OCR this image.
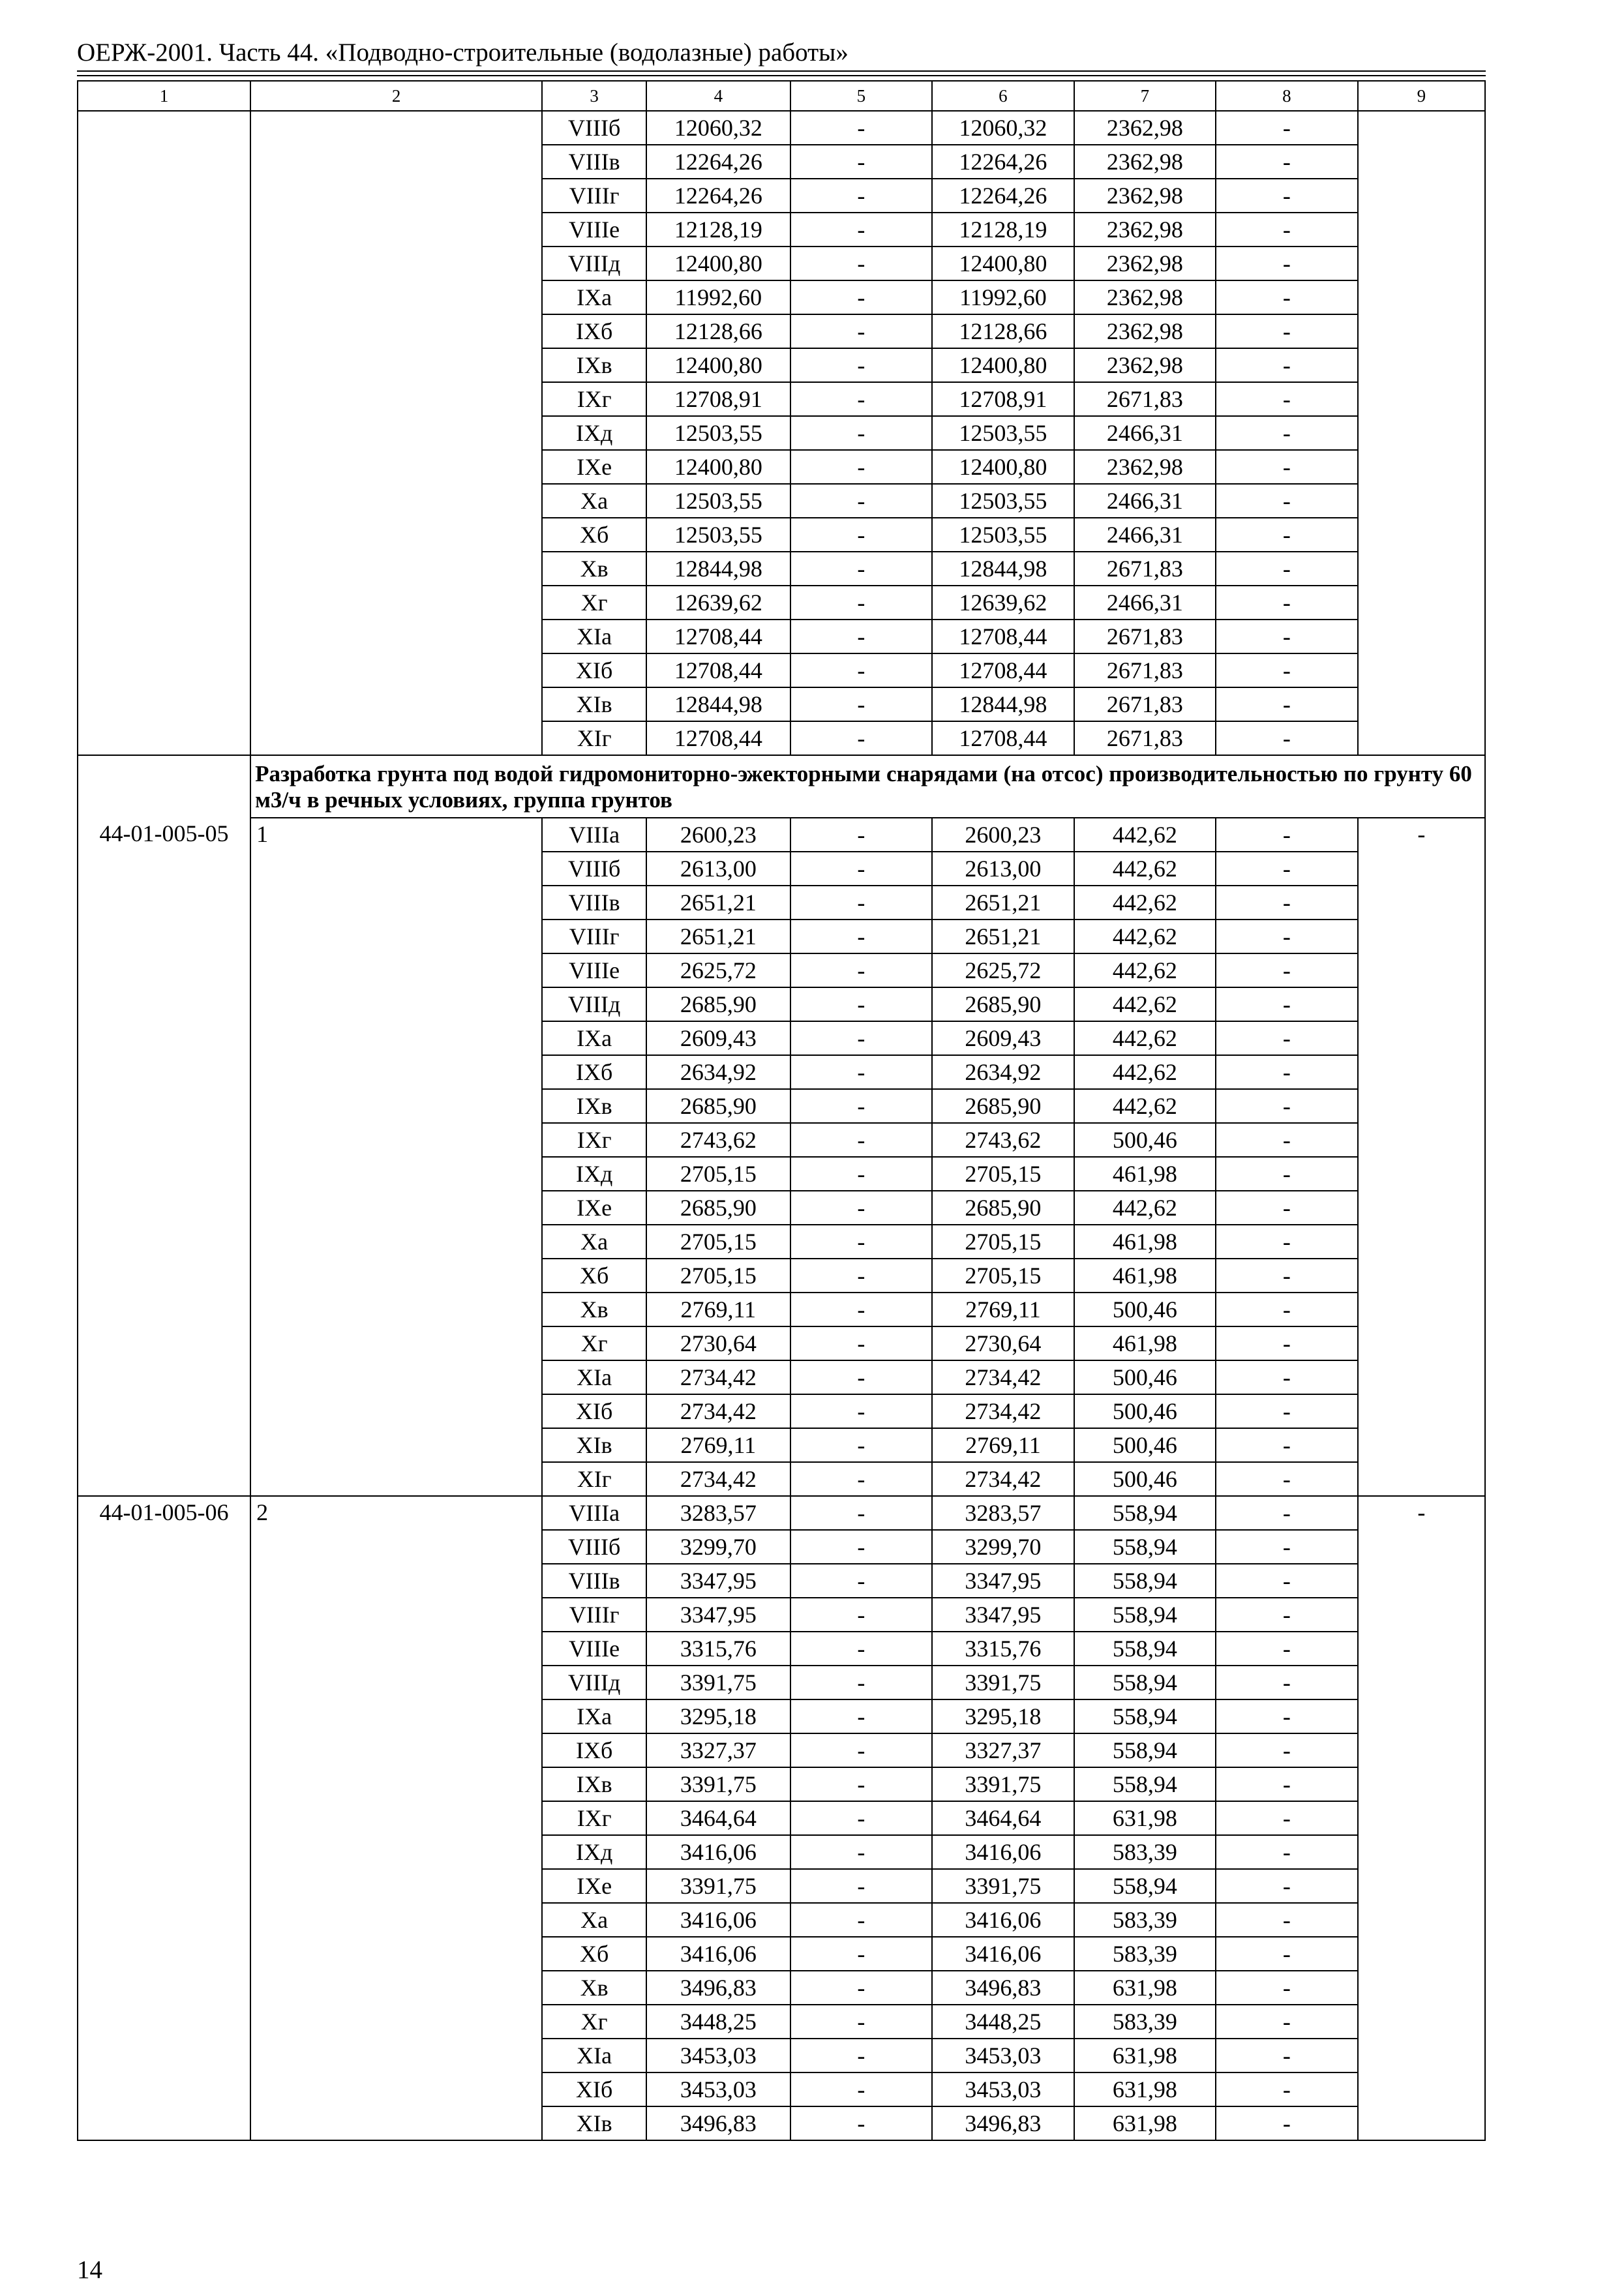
ОЕРЖ-2001. Часть 44. «Подводно-строительные (водолазные) работы»
1	2	3	4	5	6	7	8	9
		VIIIб	12060,32	-	12060,32	2362,98	-	
		VIIIв	12264,26	-	12264,26	2362,98	-	
		VIIIг	12264,26	-	12264,26	2362,98	-	
		VIIIе	12128,19	-	12128,19	2362,98	-	
		VIIIд	12400,80	-	12400,80	2362,98	-	
		IXа	11992,60	-	11992,60	2362,98	-	
		IXб	12128,66	-	12128,66	2362,98	-	
		IXв	12400,80	-	12400,80	2362,98	-	
		IXг	12708,91	-	12708,91	2671,83	-	
		IXд	12503,55	-	12503,55	2466,31	-	
		IXе	12400,80	-	12400,80	2362,98	-	
		Xа	12503,55	-	12503,55	2466,31	-	
		Xб	12503,55	-	12503,55	2466,31	-	
		Xв	12844,98	-	12844,98	2671,83	-	
		Xг	12639,62	-	12639,62	2466,31	-	
		XIа	12708,44	-	12708,44	2671,83	-	
		XIб	12708,44	-	12708,44	2671,83	-	
		XIв	12844,98	-	12844,98	2671,83	-	
		XIг	12708,44	-	12708,44	2671,83	-	
	Разработка грунта под водой гидромониторно-эжекторными снарядами (на отсос) производительностью по грунту 60 м3/ч в речных условиях, группа грунтов							
44-01-005-05	1	VIIIа	2600,23	-	2600,23	442,62	-	-
		VIIIб	2613,00	-	2613,00	442,62	-	
		VIIIв	2651,21	-	2651,21	442,62	-	
		VIIIг	2651,21	-	2651,21	442,62	-	
		VIIIе	2625,72	-	2625,72	442,62	-	
		VIIIд	2685,90	-	2685,90	442,62	-	
		IXа	2609,43	-	2609,43	442,62	-	
		IXб	2634,92	-	2634,92	442,62	-	
		IXв	2685,90	-	2685,90	442,62	-	
		IXг	2743,62	-	2743,62	500,46	-	
		IXд	2705,15	-	2705,15	461,98	-	
		IXе	2685,90	-	2685,90	442,62	-	
		Xа	2705,15	-	2705,15	461,98	-	
		Xб	2705,15	-	2705,15	461,98	-	
		Xв	2769,11	-	2769,11	500,46	-	
		Xг	2730,64	-	2730,64	461,98	-	
		XIа	2734,42	-	2734,42	500,46	-	
		XIб	2734,42	-	2734,42	500,46	-	
		XIв	2769,11	-	2769,11	500,46	-	
		XIг	2734,42	-	2734,42	500,46	-	
44-01-005-06	2	VIIIа	3283,57	-	3283,57	558,94	-	-
		VIIIб	3299,70	-	3299,70	558,94	-	
		VIIIв	3347,95	-	3347,95	558,94	-	
		VIIIг	3347,95	-	3347,95	558,94	-	
		VIIIе	3315,76	-	3315,76	558,94	-	
		VIIIд	3391,75	-	3391,75	558,94	-	
		IXа	3295,18	-	3295,18	558,94	-	
		IXб	3327,37	-	3327,37	558,94	-	
		IXв	3391,75	-	3391,75	558,94	-	
		IXг	3464,64	-	3464,64	631,98	-	
		IXд	3416,06	-	3416,06	583,39	-	
		IXе	3391,75	-	3391,75	558,94	-	
		Xа	3416,06	-	3416,06	583,39	-	
		Xб	3416,06	-	3416,06	583,39	-	
		Xв	3496,83	-	3496,83	631,98	-	
		Xг	3448,25	-	3448,25	583,39	-	
		XIа	3453,03	-	3453,03	631,98	-	
		XIб	3453,03	-	3453,03	631,98	-	
		XIв	3496,83	-	3496,83	631,98	-	
14
